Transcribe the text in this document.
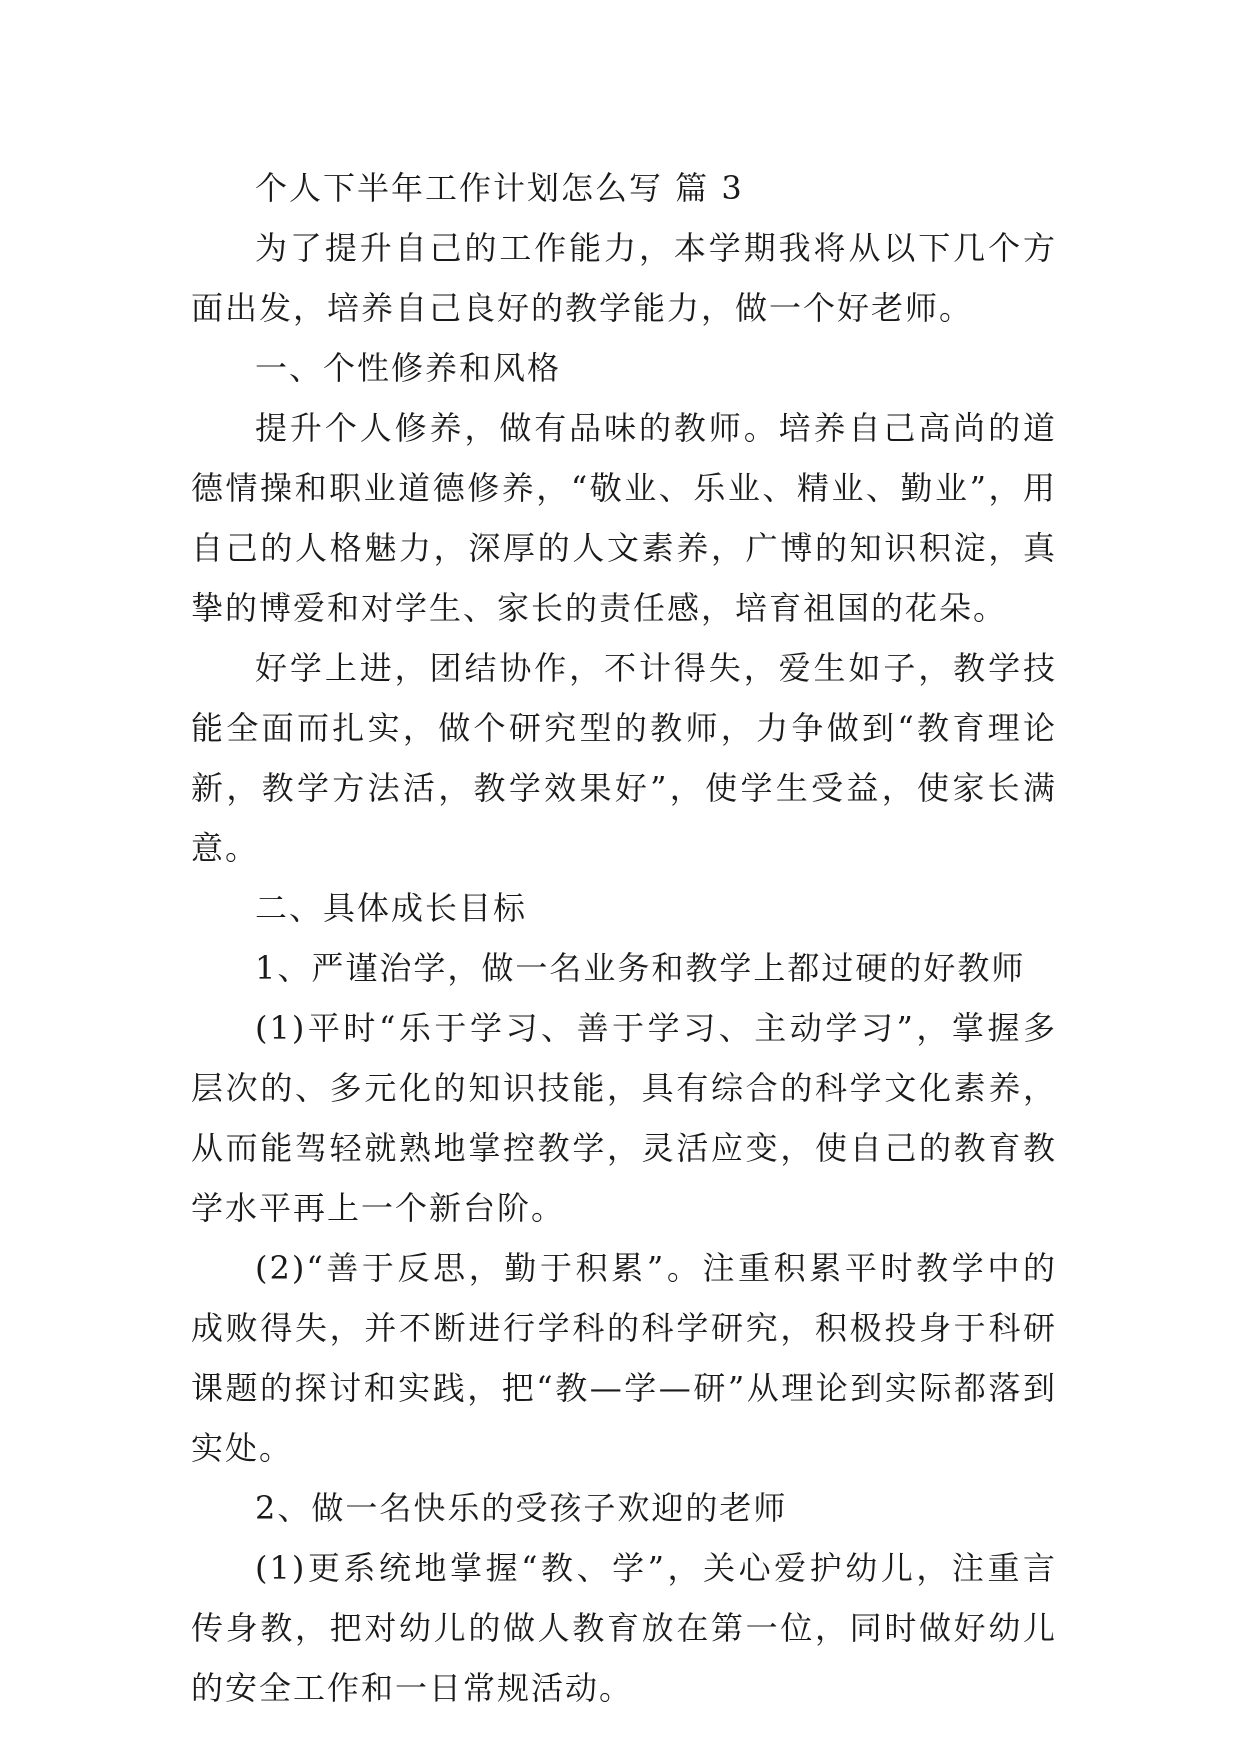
个人下半年工作计划怎么写 篇 3

为了提升自己的工作能力，本学期我将从以下几个方面出发，培养自己良好的教学能力，做一个好老师。

一、个性修养和风格

提升个人修养，做有品味的教师。培养自己高尚的道德情操和职业道德修养，“敬业、乐业、精业、勤业”，用自己的人格魅力，深厚的人文素养，广博的知识积淀，真挚的博爱和对学生、家长的责任感，培育祖国的花朵。

好学上进，团结协作，不计得失，爱生如子，教学技能全面而扎实，做个研究型的教师，力争做到“教育理论新，教学方法活，教学效果好”，使学生受益，使家长满意。

二、具体成长目标

1、严谨治学，做一名业务和教学上都过硬的好教师

(1)平时“乐于学习、善于学习、主动学习”，掌握多层次的、多元化的知识技能，具有综合的科学文化素养，从而能驾轻就熟地掌控教学，灵活应变，使自己的教育教学水平再上一个新台阶。

(2)“善于反思，勤于积累”。注重积累平时教学中的成败得失，并不断进行学科的科学研究，积极投身于科研课题的探讨和实践，把“教—学—研”从理论到实际都落到实处。

2、做一名快乐的受孩子欢迎的老师

(1)更系统地掌握“教、学”，关心爱护幼儿，注重言传身教，把对幼儿的做人教育放在第一位，同时做好幼儿的安全工作和一日常规活动。
